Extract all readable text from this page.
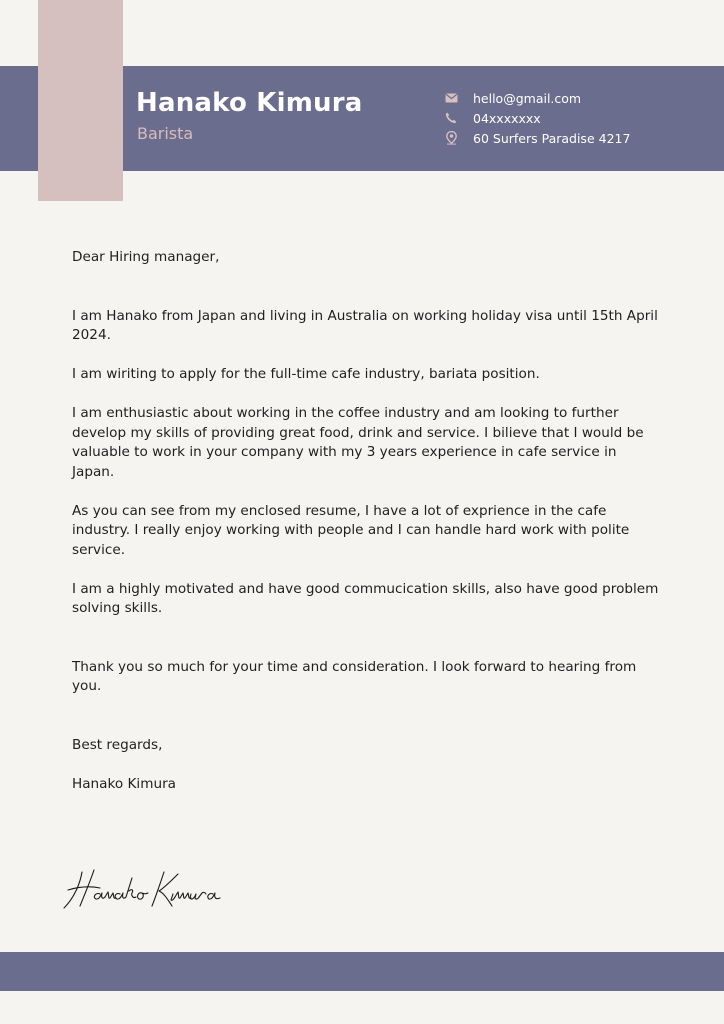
Hanako Kimura
Barista
hello@gmail.com
04xxxxxxx
60 Surfers Paradise 4217

Dear Hiring manager,

I am Hanako from Japan and living in Australia on working holiday visa until 15th April 2024.

I am wiriting to apply for the full-time cafe industry, bariata position.

I am enthusiastic about working in the coffee industry and am looking to further develop my skills of providing great food, drink and service. I bilieve that I would be valuable to work in your company with my 3 years experience in cafe service in Japan.

As you can see from my enclosed resume, I have a lot of exprience in the cafe industry. I really enjoy working with people and I can handle hard work with polite service.

I am a highly motivated and have good commucication skills, also have good problem solving skills.

Thank you so much for your time and consideration. I look forward to hearing from you.

Best regards,

Hanako Kimura
